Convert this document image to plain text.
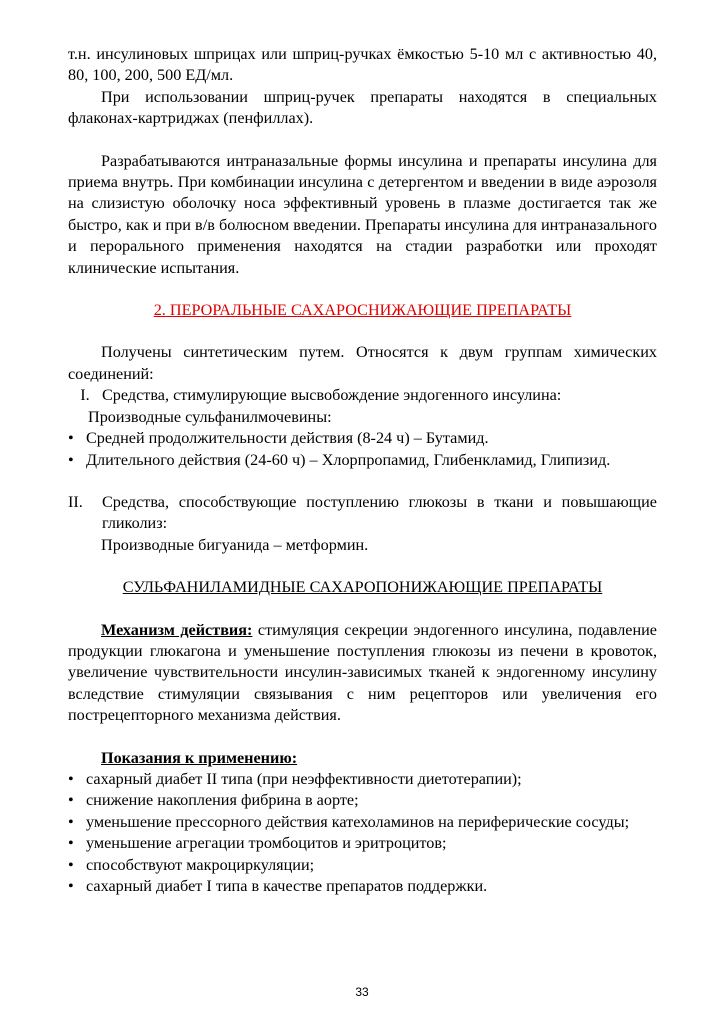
т.н. инсулиновых шприцах или шприц-ручках ёмкостью 5-10 мл с активностью 40, 80, 100, 200, 500 ЕД/мл.

При использовании шприц-ручек препараты находятся в специальных флаконах-картриджах (пенфиллах).

Разрабатываются интраназальные формы инсулина и препараты инсулина для приема внутрь. При комбинации инсулина с детергентом и введении в виде аэрозоля на слизистую оболочку носа эффективный уровень в плазме достигается так же быстро, как и при в/в болюсном введении. Препараты инсулина для интраназального и перорального применения находятся на стадии разработки или проходят клинические испытания.

2. ПЕРОРАЛЬНЫЕ САХАРОСНИЖАЮЩИЕ ПРЕПАРАТЫ

Получены синтетическим путем. Относятся к двум группам химических соединений:

I. Средства, стимулирующие высвобождение эндогенного инсулина:

Производные сульфанилмочевины:

• Средней продолжительности действия (8-24 ч) – Бутамид.
• Длительного действия (24-60 ч) – Хлорпропамид, Глибенкламид, Глипизид.
II.	Средства, способствующие поступлению глюкозы в ткани и повышающие гликолиз:

Производные бигуанида – метформин.

СУЛЬФАНИЛАМИДНЫЕ САХАРОПОНИЖАЮЩИЕ ПРЕПАРАТЫ

Механизм действия: стимуляция секреции эндогенного инсулина, подавление продукции глюкагона и уменьшение поступления глюкозы из печени в кровоток, увеличение чувствительности инсулин-зависимых тканей к эндогенному инсулину вследствие стимуляции связывания с ним рецепторов или увеличения его пострецепторного механизма действия.

Показания к применению:

• сахарный диабет II типа (при неэффективности диетотерапии);
• снижение накопления фибрина в аорте;
• уменьшение прессорного действия катехоламинов на периферические сосуды;
• уменьшение агрегации тромбоцитов и эритроцитов;
• способствуют макроциркуляции;
• сахарный диабет I типа в качестве препаратов поддержки.
33
